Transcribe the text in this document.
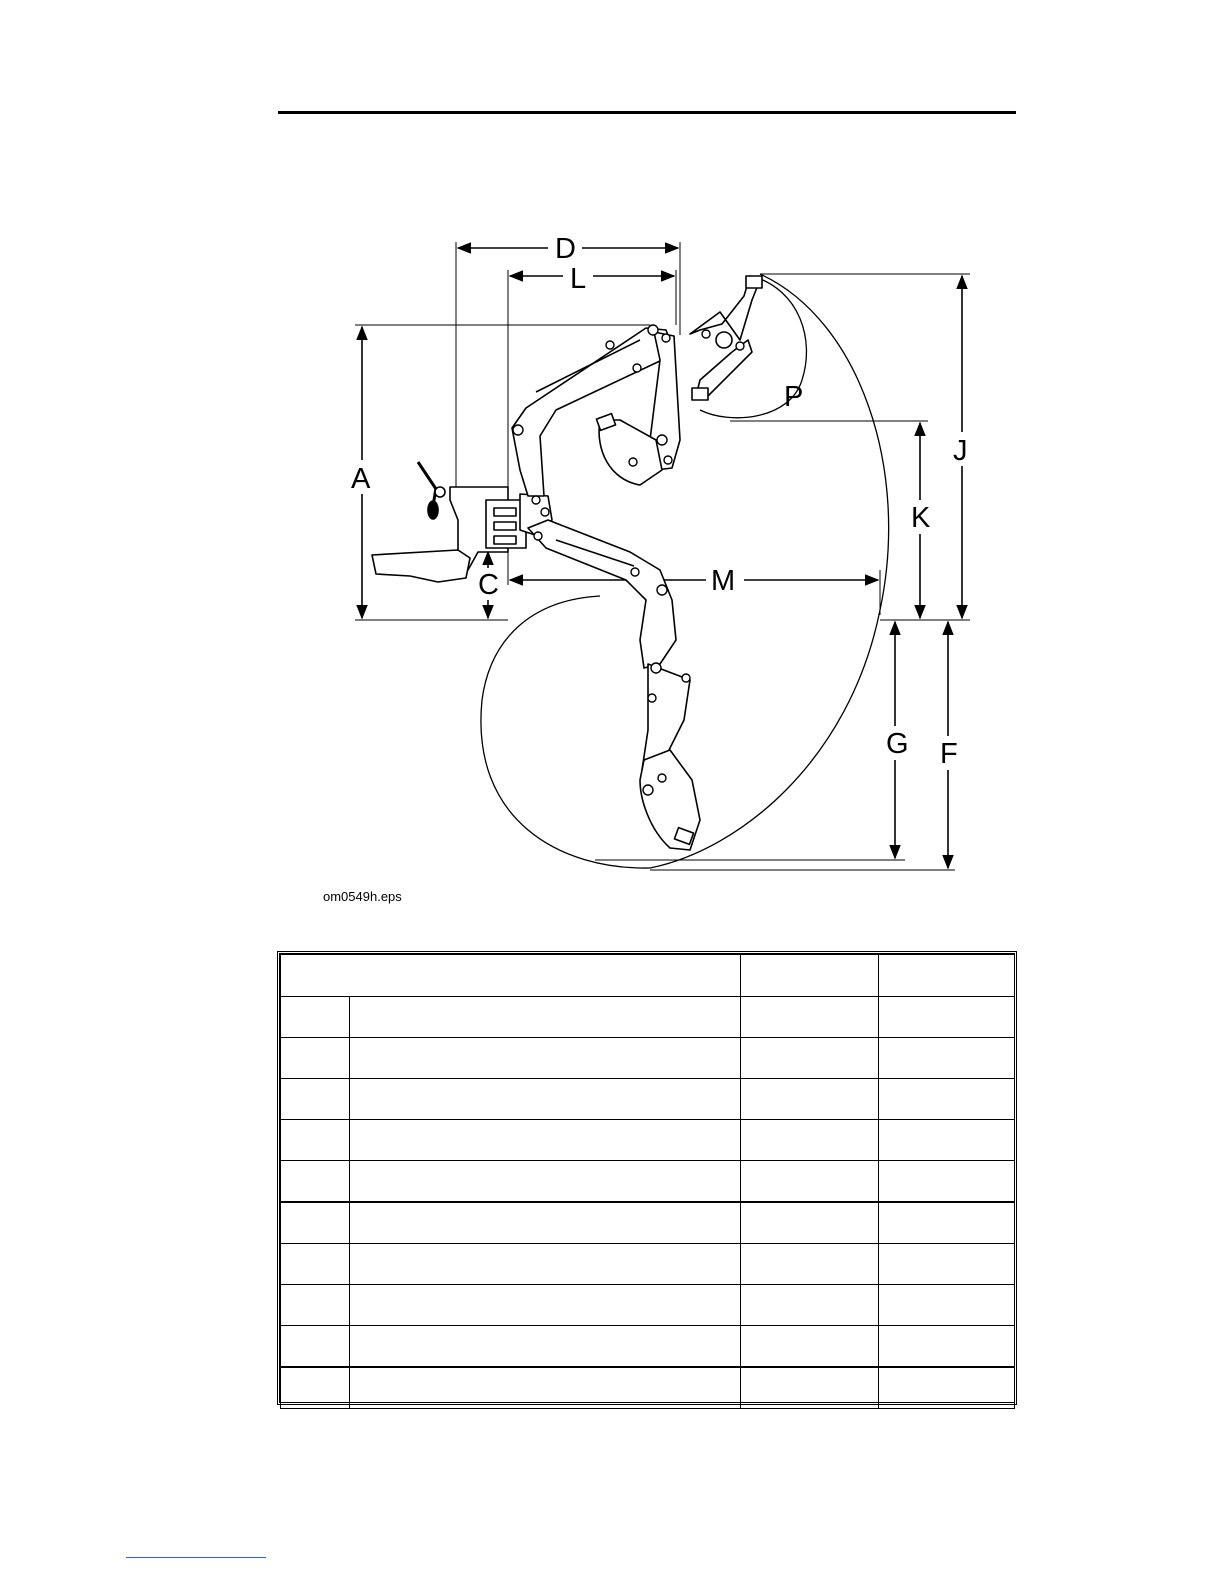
D
L
A
C	M
P
J
K
G F
om0549h.eps
